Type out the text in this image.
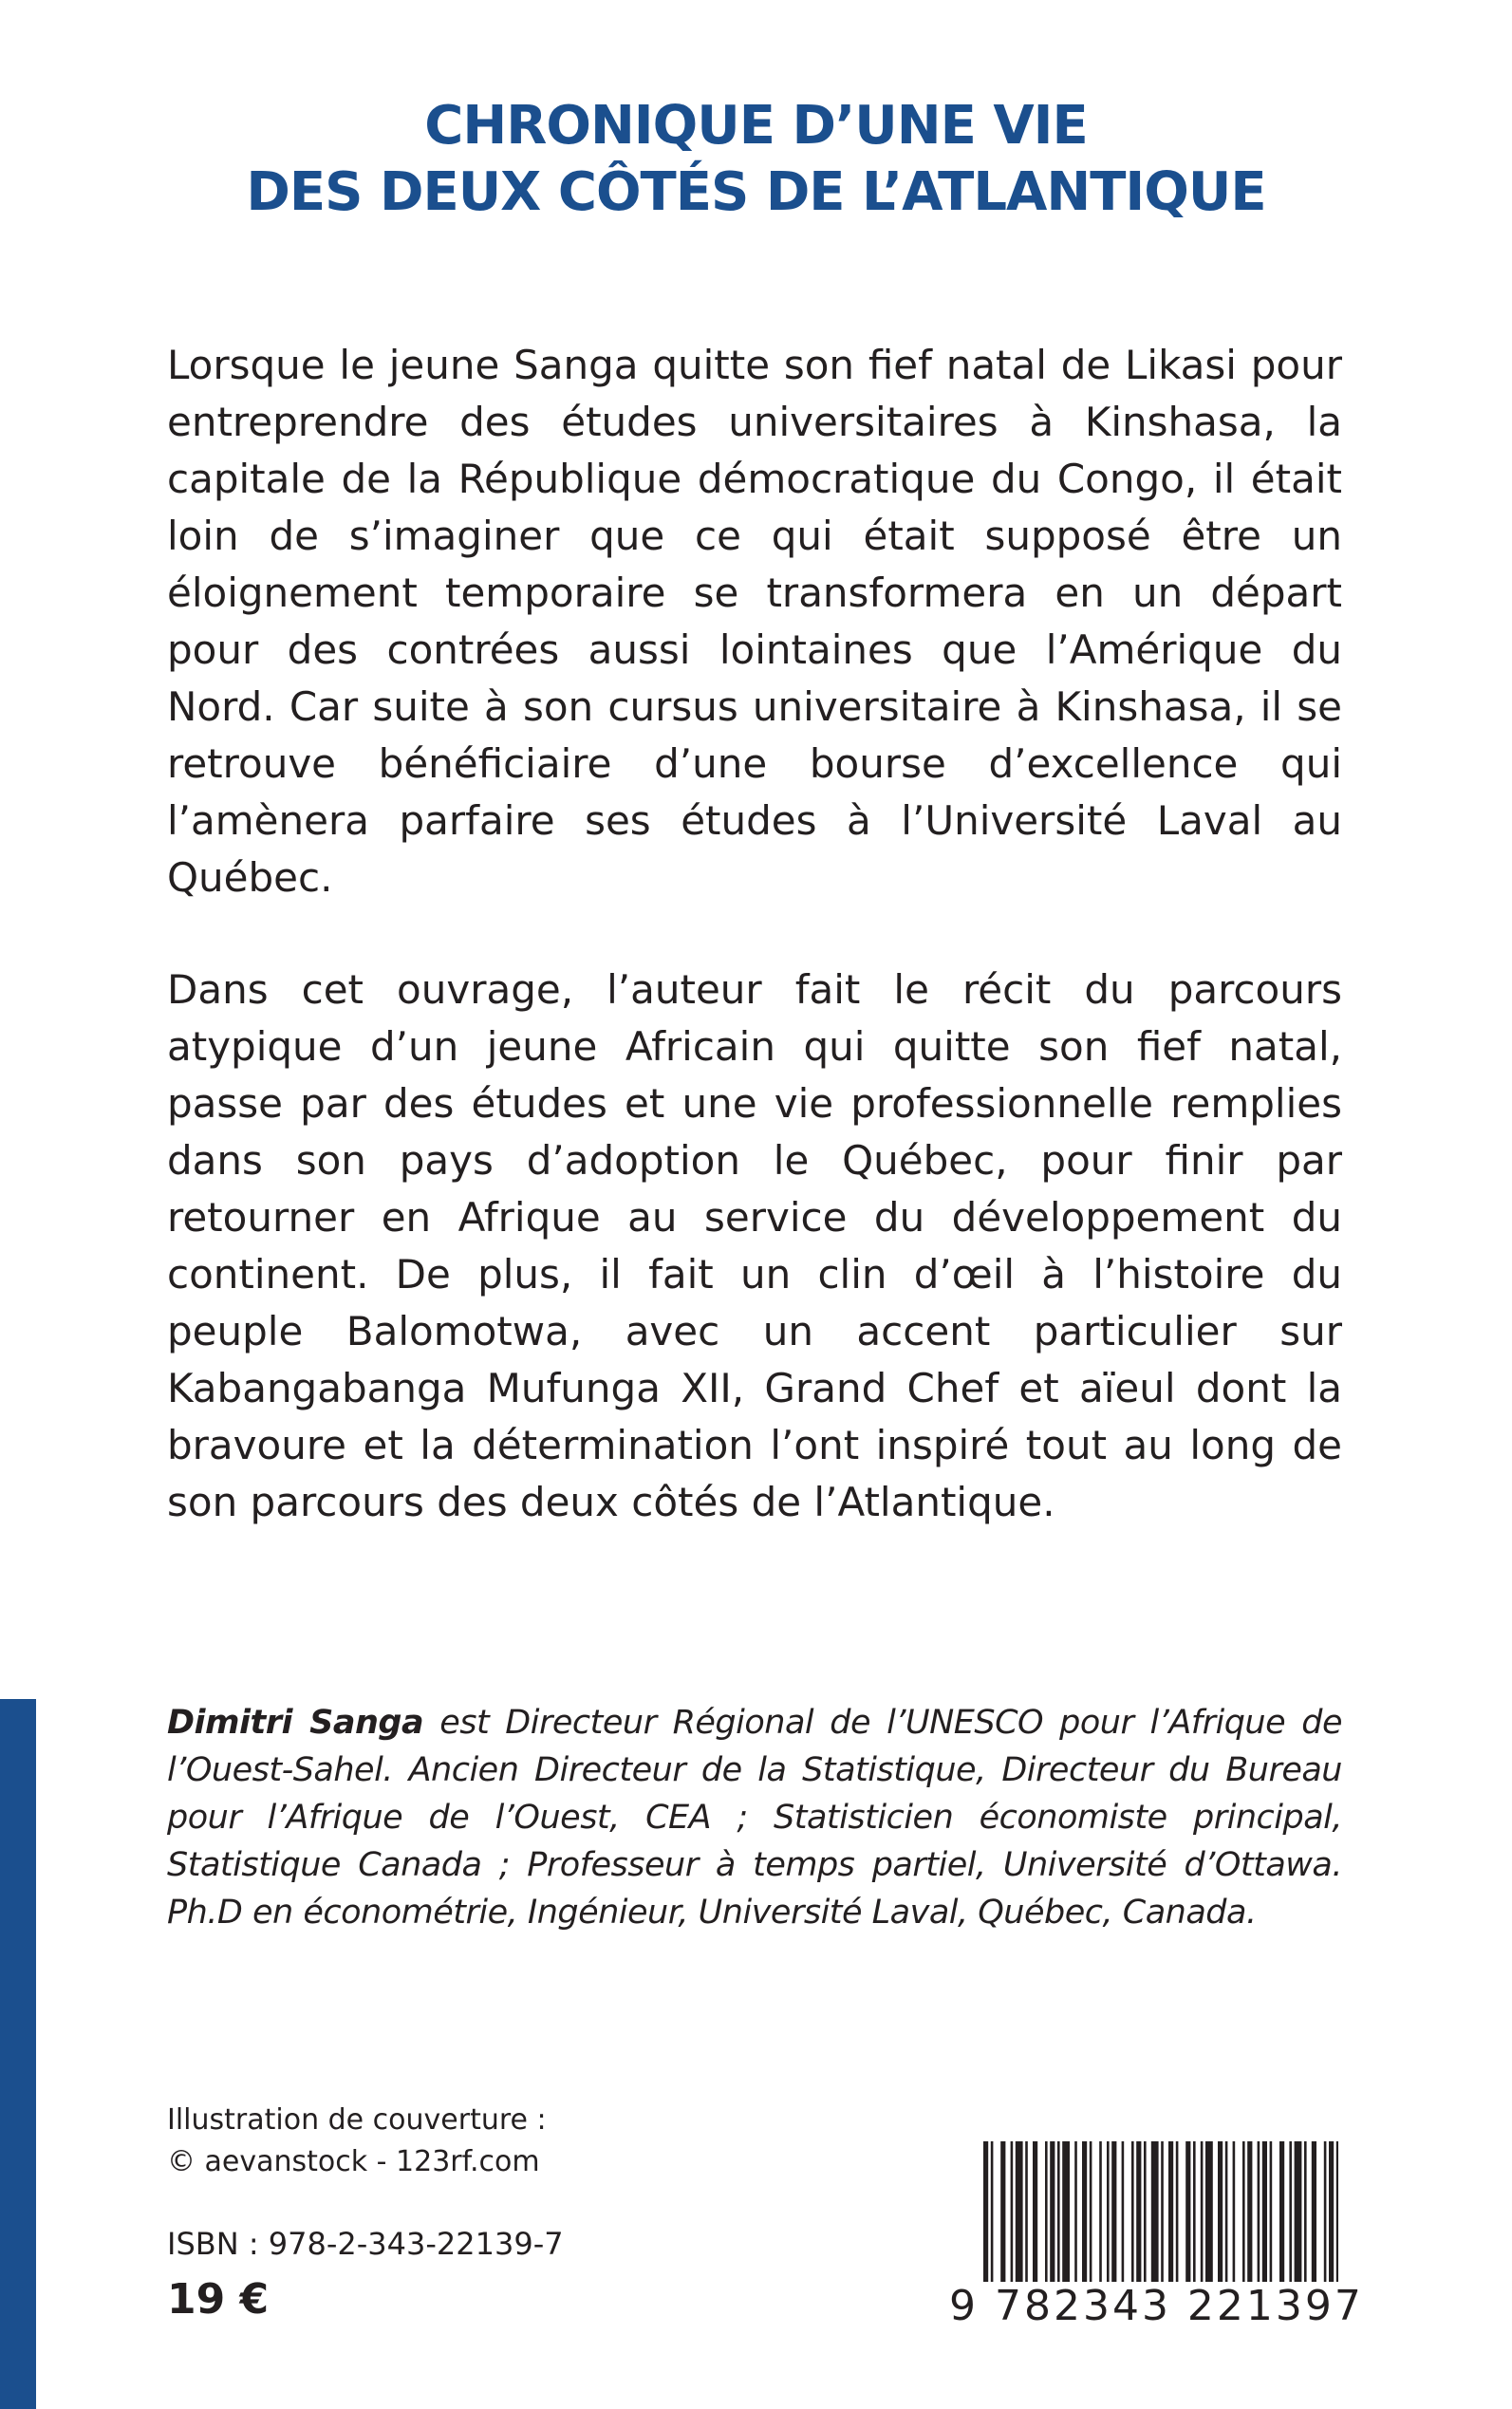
CHRONIQUE D’UNE VIE
DES DEUX CÔTÉS DE L’ATLANTIQUE

Lorsque le jeune Sanga quitte son fief natal de Likasi pour entreprendre des études universitaires à Kinshasa, la capitale de la République démocratique du Congo, il était loin de s’imaginer que ce qui était supposé être un éloignement temporaire se transformera en un départ pour des contrées aussi lointaines que l’Amérique du Nord. Car suite à son cursus universitaire à Kinshasa, il se retrouve bénéficiaire d’une bourse d’excellence qui l’amènera parfaire ses études à l’Université Laval au Québec.

Dans cet ouvrage, l’auteur fait le récit du parcours atypique d’un jeune Africain qui quitte son fief natal, passe par des études et une vie professionnelle remplies dans son pays d’adoption le Québec, pour finir par retourner en Afrique au service du développement du continent. De plus, il fait un clin d’œil à l’histoire du peuple Balomotwa, avec un accent particulier sur Kabangabanga Mufunga XII, Grand Chef et aïeul dont la bravoure et la détermination l’ont inspiré tout au long de son parcours des deux côtés de l’Atlantique.

Dimitri Sanga est Directeur Régional de l’UNESCO pour l’Afrique de l’Ouest-Sahel. Ancien Directeur de la Statistique, Directeur du Bureau pour l’Afrique de l’Ouest, CEA ; Statisticien économiste principal, Statistique Canada ; Professeur à temps partiel, Université d’Ottawa. Ph.D en économétrie, Ingénieur, Université Laval, Québec, Canada.

Illustration de couverture :
© aevanstock - 123rf.com
ISBN : 978-2-343-22139-7
19 €	9 782343 221397
